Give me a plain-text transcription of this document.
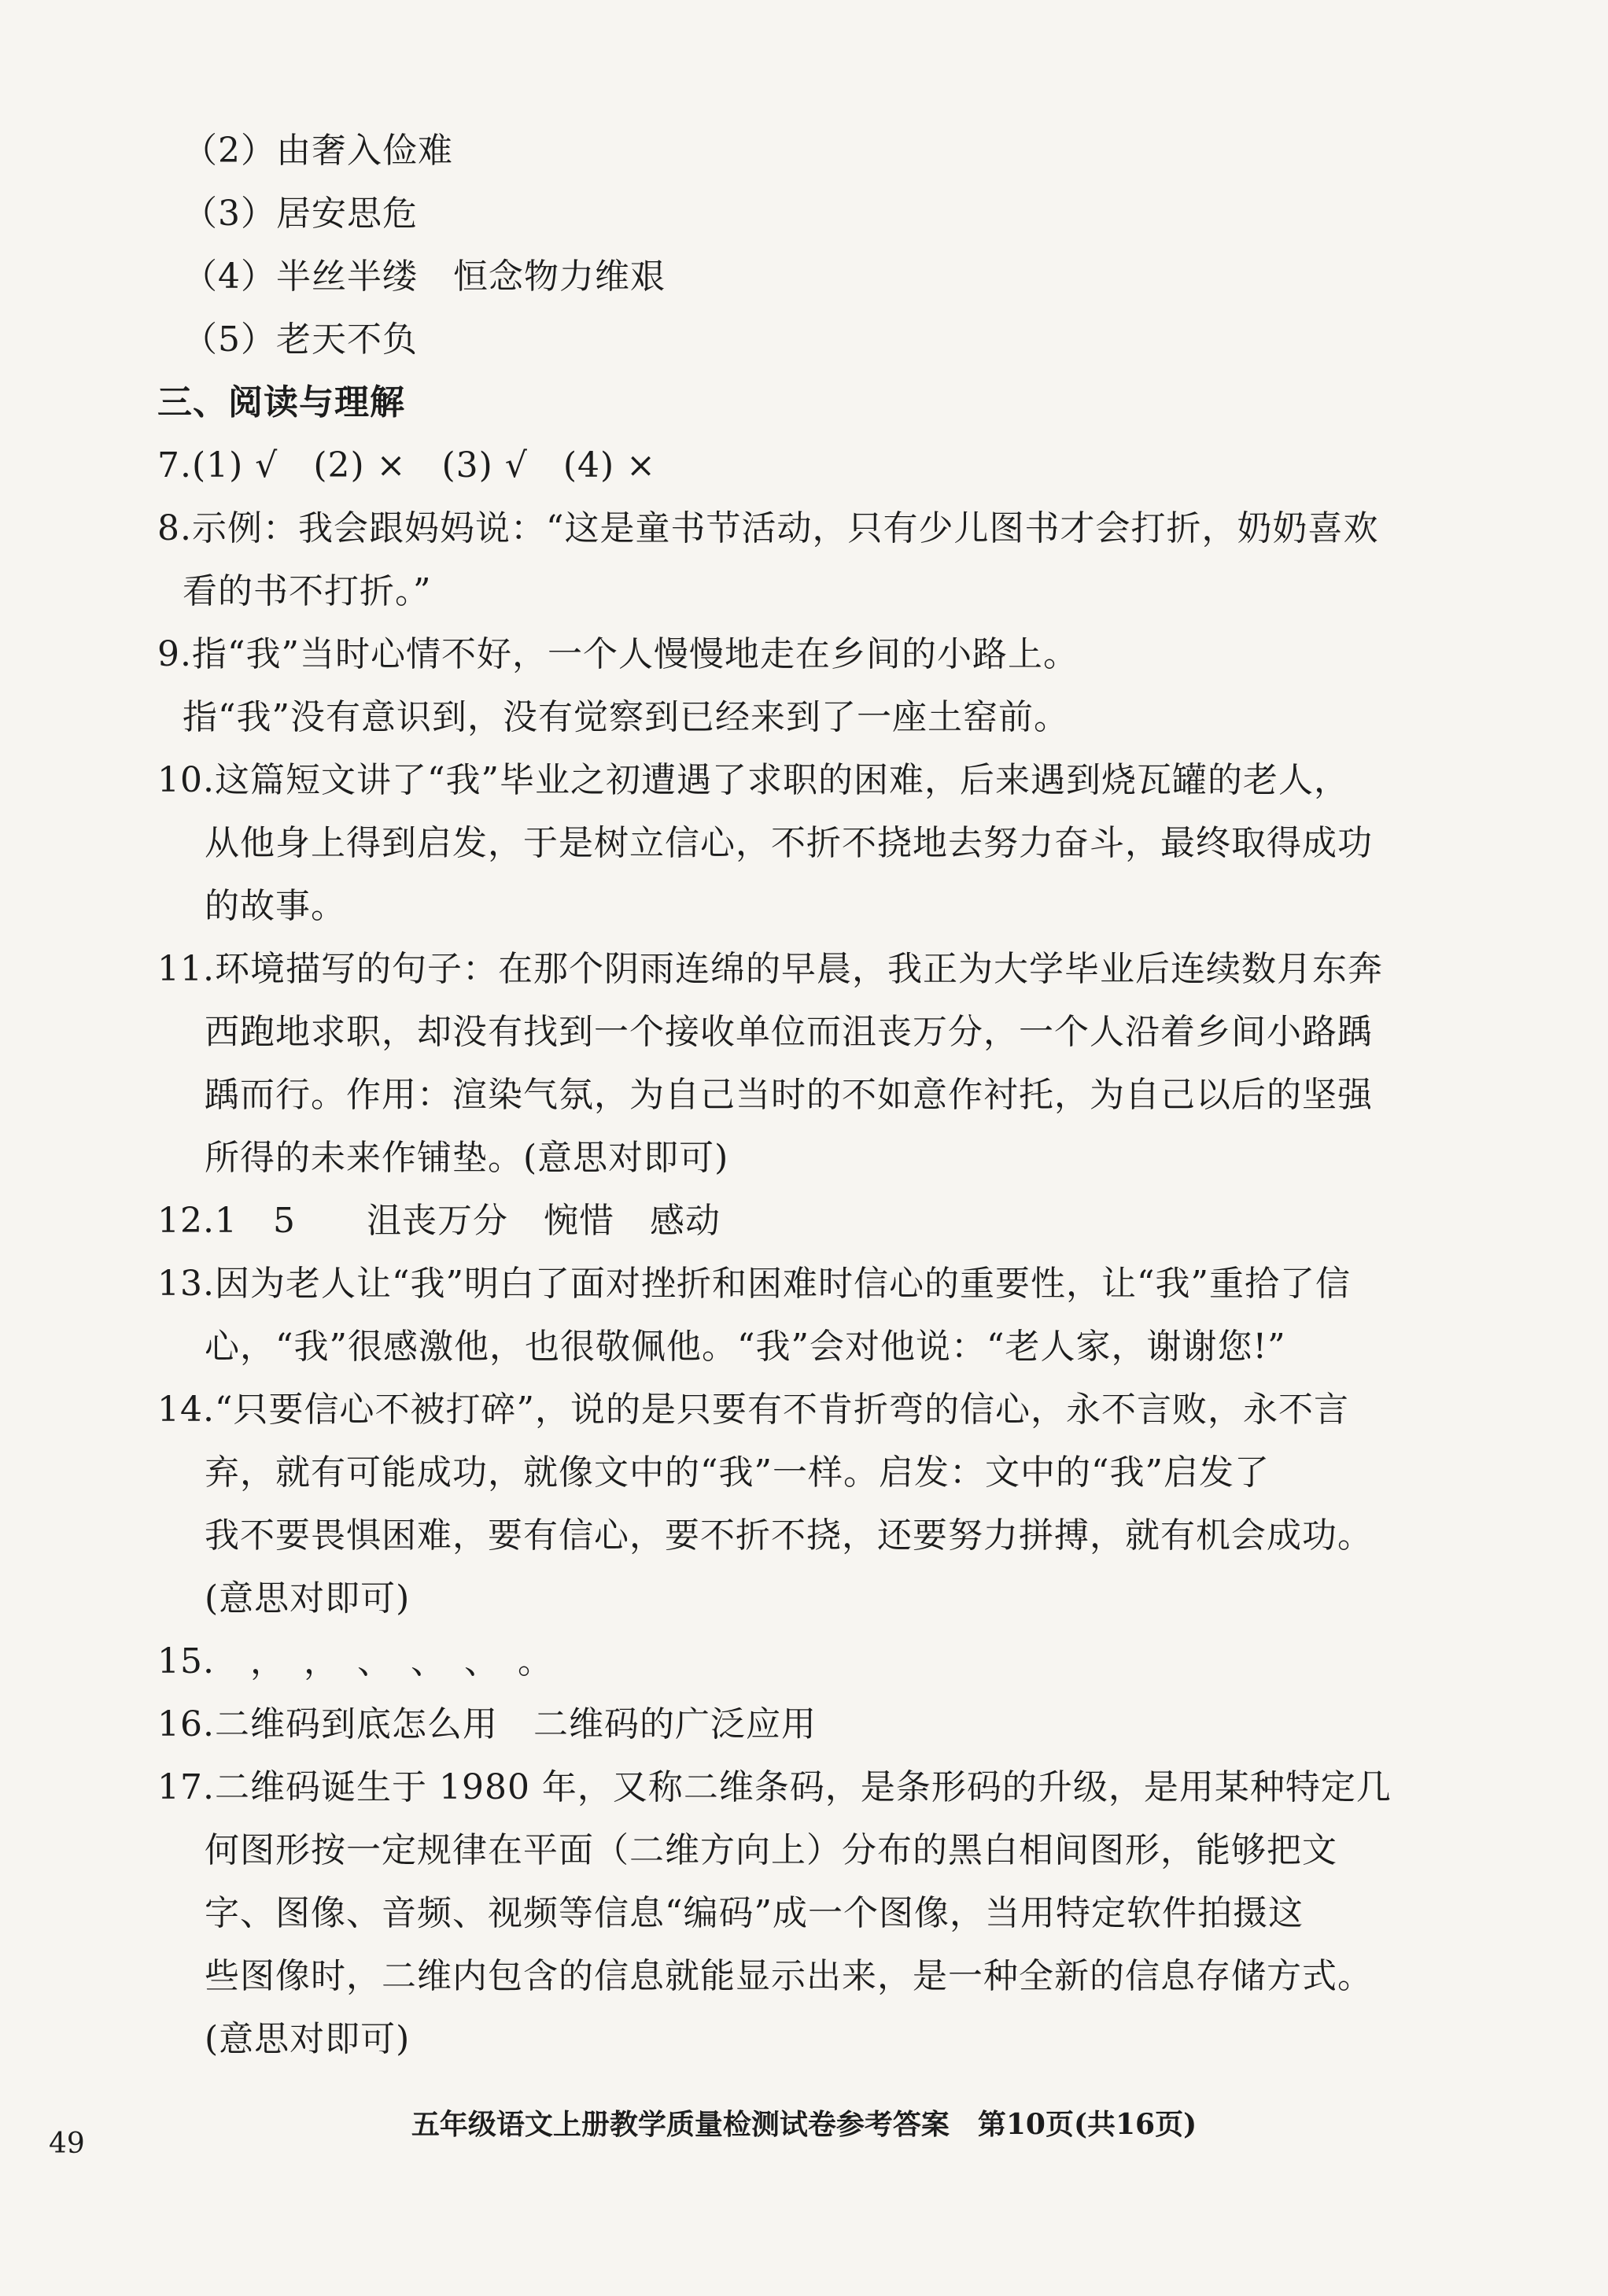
（2）由奢入俭难
（3）居安思危
（4）半丝半缕　恒念物力维艰
（5）老天不负
三、阅读与理解
7.(1) √　(2) ×　(3) √　(4) ×
8.示例：我会跟妈妈说：“这是童书节活动，只有少儿图书才会打折，奶奶喜欢
看的书不打折。”
9.指“我”当时心情不好，一个人慢慢地走在乡间的小路上。
指“我”没有意识到，没有觉察到已经来到了一座土窑前。
10.这篇短文讲了“我”毕业之初遭遇了求职的困难，后来遇到烧瓦罐的老人，
从他身上得到启发，于是树立信心，不折不挠地去努力奋斗，最终取得成功
的故事。
11.环境描写的句子：在那个阴雨连绵的早晨，我正为大学毕业后连续数月东奔
西跑地求职，却没有找到一个接收单位而沮丧万分，一个人沿着乡间小路踽
踽而行。作用：渲染气氛，为自己当时的不如意作衬托，为自己以后的坚强
所得的未来作铺垫。(意思对即可)
12.1　5　　沮丧万分　惋惜　感动
13.因为老人让“我”明白了面对挫折和困难时信心的重要性，让“我”重拾了信
心，“我”很感激他，也很敬佩他。“我”会对他说：“老人家，谢谢您!”
14.“只要信心不被打碎”，说的是只要有不肯折弯的信心，永不言败，永不言
弃，就有可能成功，就像文中的“我”一样。启发：文中的“我”启发了
我不要畏惧困难，要有信心，要不折不挠，还要努力拼搏，就有机会成功。
(意思对即可)
15.　，　，　、　、　、　。
16.二维码到底怎么用　二维码的广泛应用
17.二维码诞生于 1980 年，又称二维条码，是条形码的升级，是用某种特定几
何图形按一定规律在平面（二维方向上）分布的黑白相间图形，能够把文
字、图像、音频、视频等信息“编码”成一个图像，当用特定软件拍摄这
些图像时，二维内包含的信息就能显示出来，是一种全新的信息存储方式。
(意思对即可)
49
五年级语文上册教学质量检测试卷参考答案　第10页(共16页)
